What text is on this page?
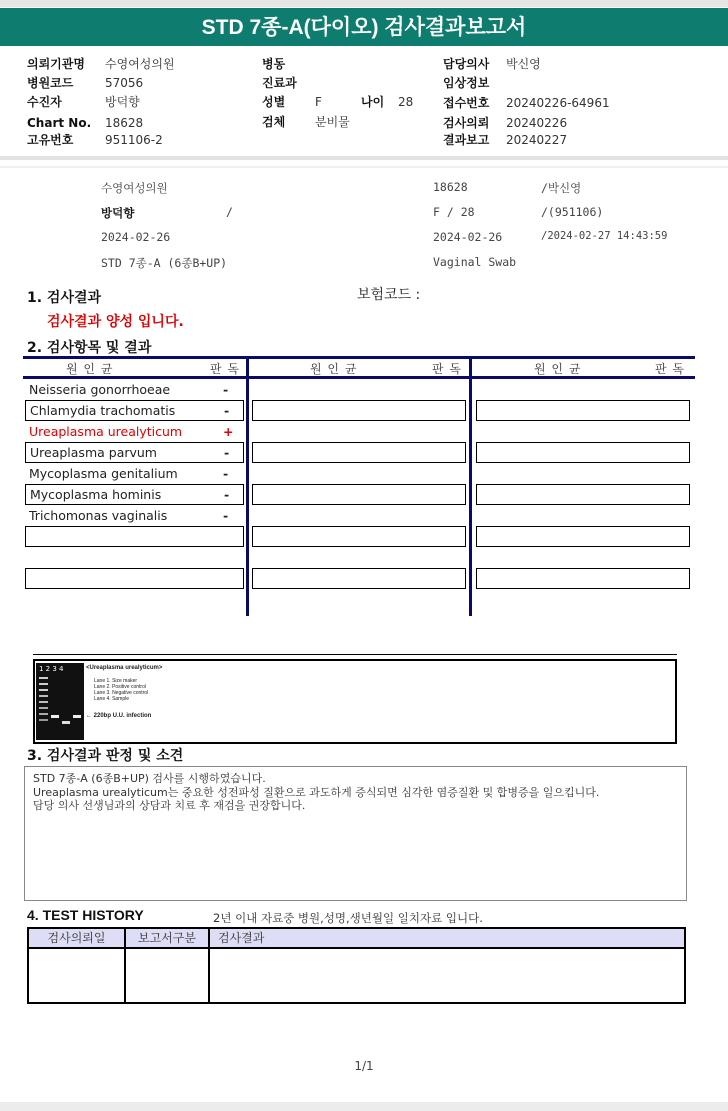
STD 7종-A(다이오) 검사결과보고서
의뢰기관명 수영여성의원
병원코드	57056
수진자	방덕향
Chart No. 18628
고유번호	951106-2
병동
진료과
성별 F	나이 28
검체 분비물
담당의사 박신영
임상정보
접수번호 20240226-64961
검사의뢰 20240226
결과보고 20240227
수영여성의원	18628	/박신영
방덕향	/	F / 28	/(951106)
2024-02-26	2024-02-26	/2024-02-27 14:43:59
STD 7종-A (6종B+UP)	Vaginal Swab
1. 검사결과	보험코드 :
검사결과 양성 입니다.
2. 검사항목 및 결과
원 인 균	판 독	원 인 균	판 독	원 인 균	판 독
Neisseria gonorrhoeae	-
Chlamydia trachomatis	-
Ureaplasma urealyticum	+
Ureaplasma parvum	-
Mycoplasma genitalium	-
Mycoplasma hominis	-
Trichomonas vaginalis	-
1 2 3 4	<Ureaplasma urealyticum>
Lane 1. Size maker
Lane 2. Positive control
Lane 3. Negative control
Lane 4. Sample
← 220bp U.U. infection
3. 검사결과 판정 및 소견
STD 7종-A (6종B+UP) 검사를 시행하였습니다.
Ureaplasma urealyticum는 중요한 성전파성 질환으로 과도하게 증식되면 심각한 염증질환 및 합병증을 일으킵니다.
담당 의사 선생님과의 상담과 치료 후 재검을 권장합니다.
4. TEST HISTORY	2년 이내 자료중 병원,성명,생년월일 일치자료 입니다.
검사의뢰일	보고서구분	검사결과
1/1
